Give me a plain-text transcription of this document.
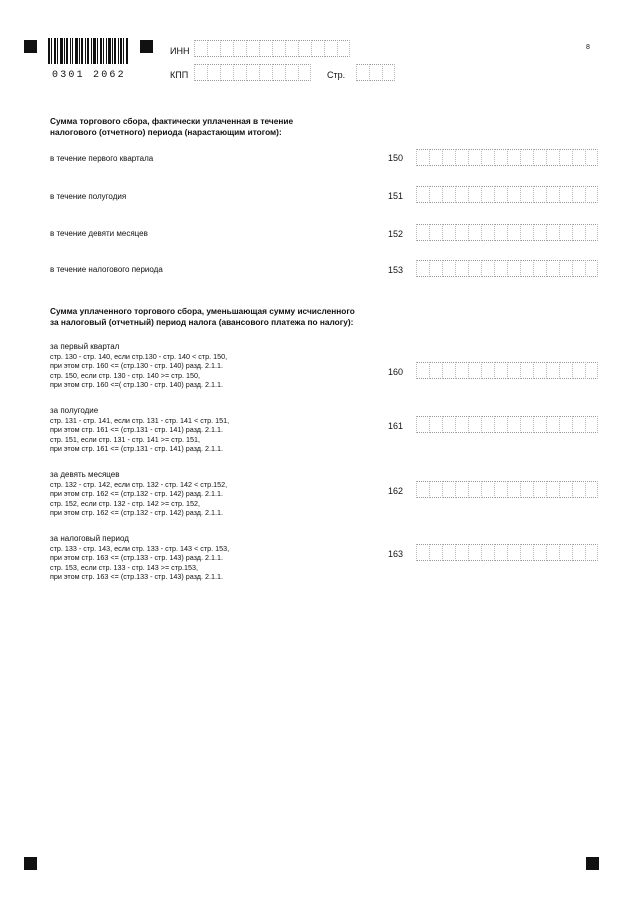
0301 2062
ИНН
КПП	Стр.
8
Сумма торгового сбора, фактически уплаченная в течение
налогового (отчетного) периода (нарастающим итогом):
в течение первого квартала	150
в течение полугодия	151
в течение девяти месяцев	152
в течение налогового периода	153
Сумма уплаченного торгового сбора, уменьшающая сумму исчисленного
за налоговый (отчетный) период налога (авансового платежа по налогу):
за первый квартал
стр. 130 - стр. 140, если стр.130 - стр. 140 < стр. 150,
при этом стр. 160 <= (стр.130 - стр. 140) разд. 2.1.1.
стр. 150, если стр. 130 - стр. 140 >= стр. 150,
при этом стр. 160 <=( стр.130 - стр. 140) разд. 2.1.1.
160
за полугодие
стр. 131 - стр. 141, если стр. 131 - стр. 141 < стр. 151,
при этом стр. 161 <= (стр.131 - стр. 141) разд. 2.1.1.
стр. 151, если стр. 131 - стр. 141 >= стр. 151,
при этом стр. 161 <= (стр.131 - стр. 141) разд. 2.1.1.
161
за девять месяцев
стр. 132 - стр. 142, если стр. 132 - стр. 142 < стр.152,
при этом стр. 162 <= (стр.132 - стр. 142) разд. 2.1.1.
стр. 152, если стр. 132 - стр. 142 >= стр. 152,
при этом стр. 162 <= (стр.132 - стр. 142) разд. 2.1.1.
162
за налоговый период
стр. 133 - стр. 143, если стр. 133 - стр. 143 < стр. 153,
при этом стр. 163 <= (стр.133 - стр. 143) разд. 2.1.1.
стр. 153, если стр. 133 - стр. 143 >= стр.153,
при этом стр. 163 <= (стр.133 - стр. 143) разд. 2.1.1.
163
